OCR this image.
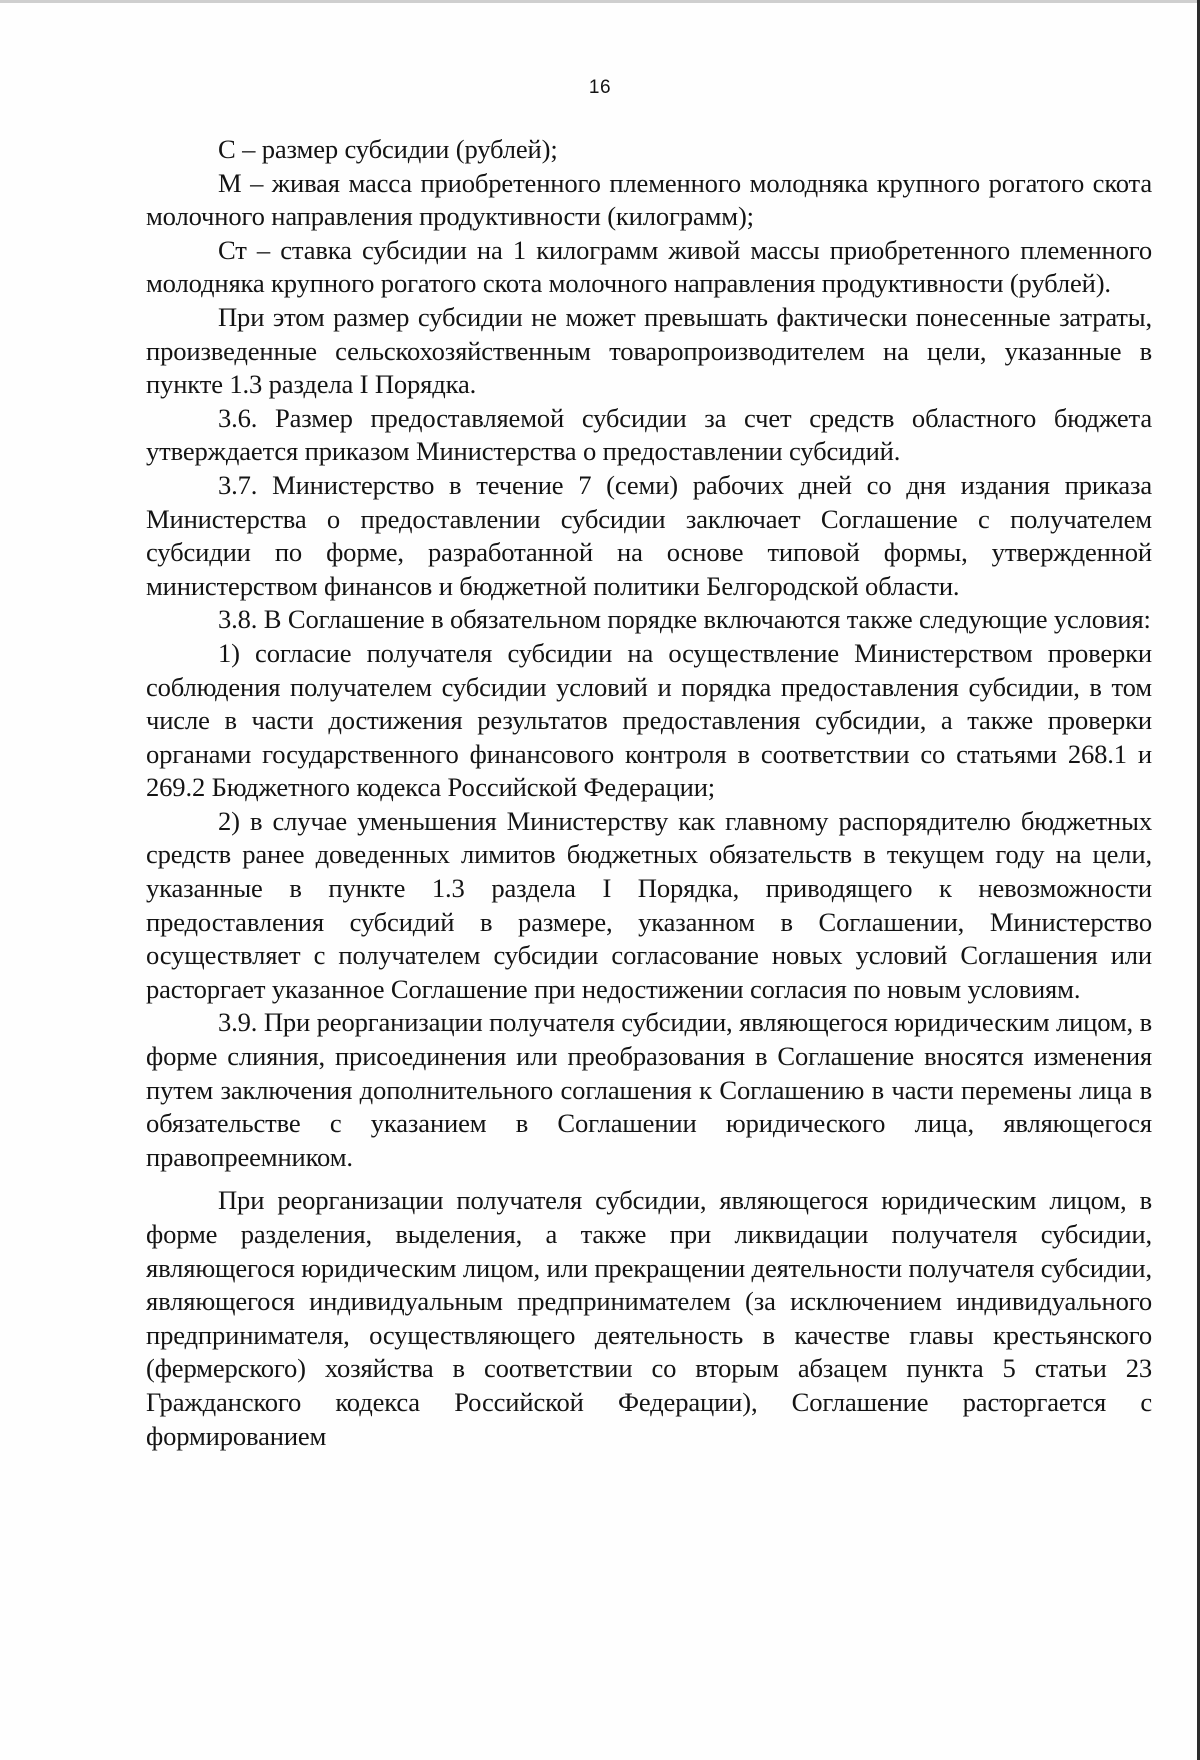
16

С – размер субсидии (рублей);

М – живая масса приобретенного племенного молодняка крупного рогатого скота молочного направления продуктивности (килограмм);

Ст – ставка субсидии на 1 килограмм живой массы приобретенного племенного молодняка крупного рогатого скота молочного направления продуктивности (рублей).

При этом размер субсидии не может превышать фактически понесенные затраты, произведенные сельскохозяйственным товаропроизводителем на цели, указанные в пункте 1.3 раздела I Порядка.

3.6. Размер предоставляемой субсидии за счет средств областного бюджета утверждается приказом Министерства о предоставлении субсидий.

3.7. Министерство в течение 7 (семи) рабочих дней со дня издания приказа Министерства о предоставлении субсидии заключает Соглашение с получателем субсидии по форме, разработанной на основе типовой формы, утвержденной министерством финансов и бюджетной политики Белгородской области.

3.8. В Соглашение в обязательном порядке включаются также следующие условия:

1) согласие получателя субсидии на осуществление Министерством проверки соблюдения получателем субсидии условий и порядка предоставления субсидии, в том числе в части достижения результатов предоставления субсидии, а также проверки органами государственного финансового контроля в соответствии со статьями 268.1 и 269.2 Бюджетного кодекса Российской Федерации;

2) в случае уменьшения Министерству как главному распорядителю бюджетных средств ранее доведенных лимитов бюджетных обязательств в текущем году на цели, указанные в пункте 1.3 раздела I Порядка, приводящего к невозможности предоставления субсидий в размере, указанном в Соглашении, Министерство осуществляет с получателем субсидии согласование новых условий Соглашения или расторгает указанное Соглашение при недостижении согласия по новым условиям.

3.9. При реорганизации получателя субсидии, являющегося юридическим лицом, в форме слияния, присоединения или преобразования в Соглашение вносятся изменения путем заключения дополнительного соглашения к Соглашению в части перемены лица в обязательстве с указанием в Соглашении юридического лица, являющегося правопреемником.

При реорганизации получателя субсидии, являющегося юридическим лицом, в форме разделения, выделения, а также при ликвидации получателя субсидии, являющегося юридическим лицом, или прекращении деятельности получателя субсидии, являющегося индивидуальным предпринимателем (за исключением индивидуального предпринимателя, осуществляющего деятельность в качестве главы крестьянского (фермерского) хозяйства в соответствии со вторым абзацем пункта 5 статьи 23 Гражданского кодекса Российской Федерации), Соглашение расторгается с формированием
